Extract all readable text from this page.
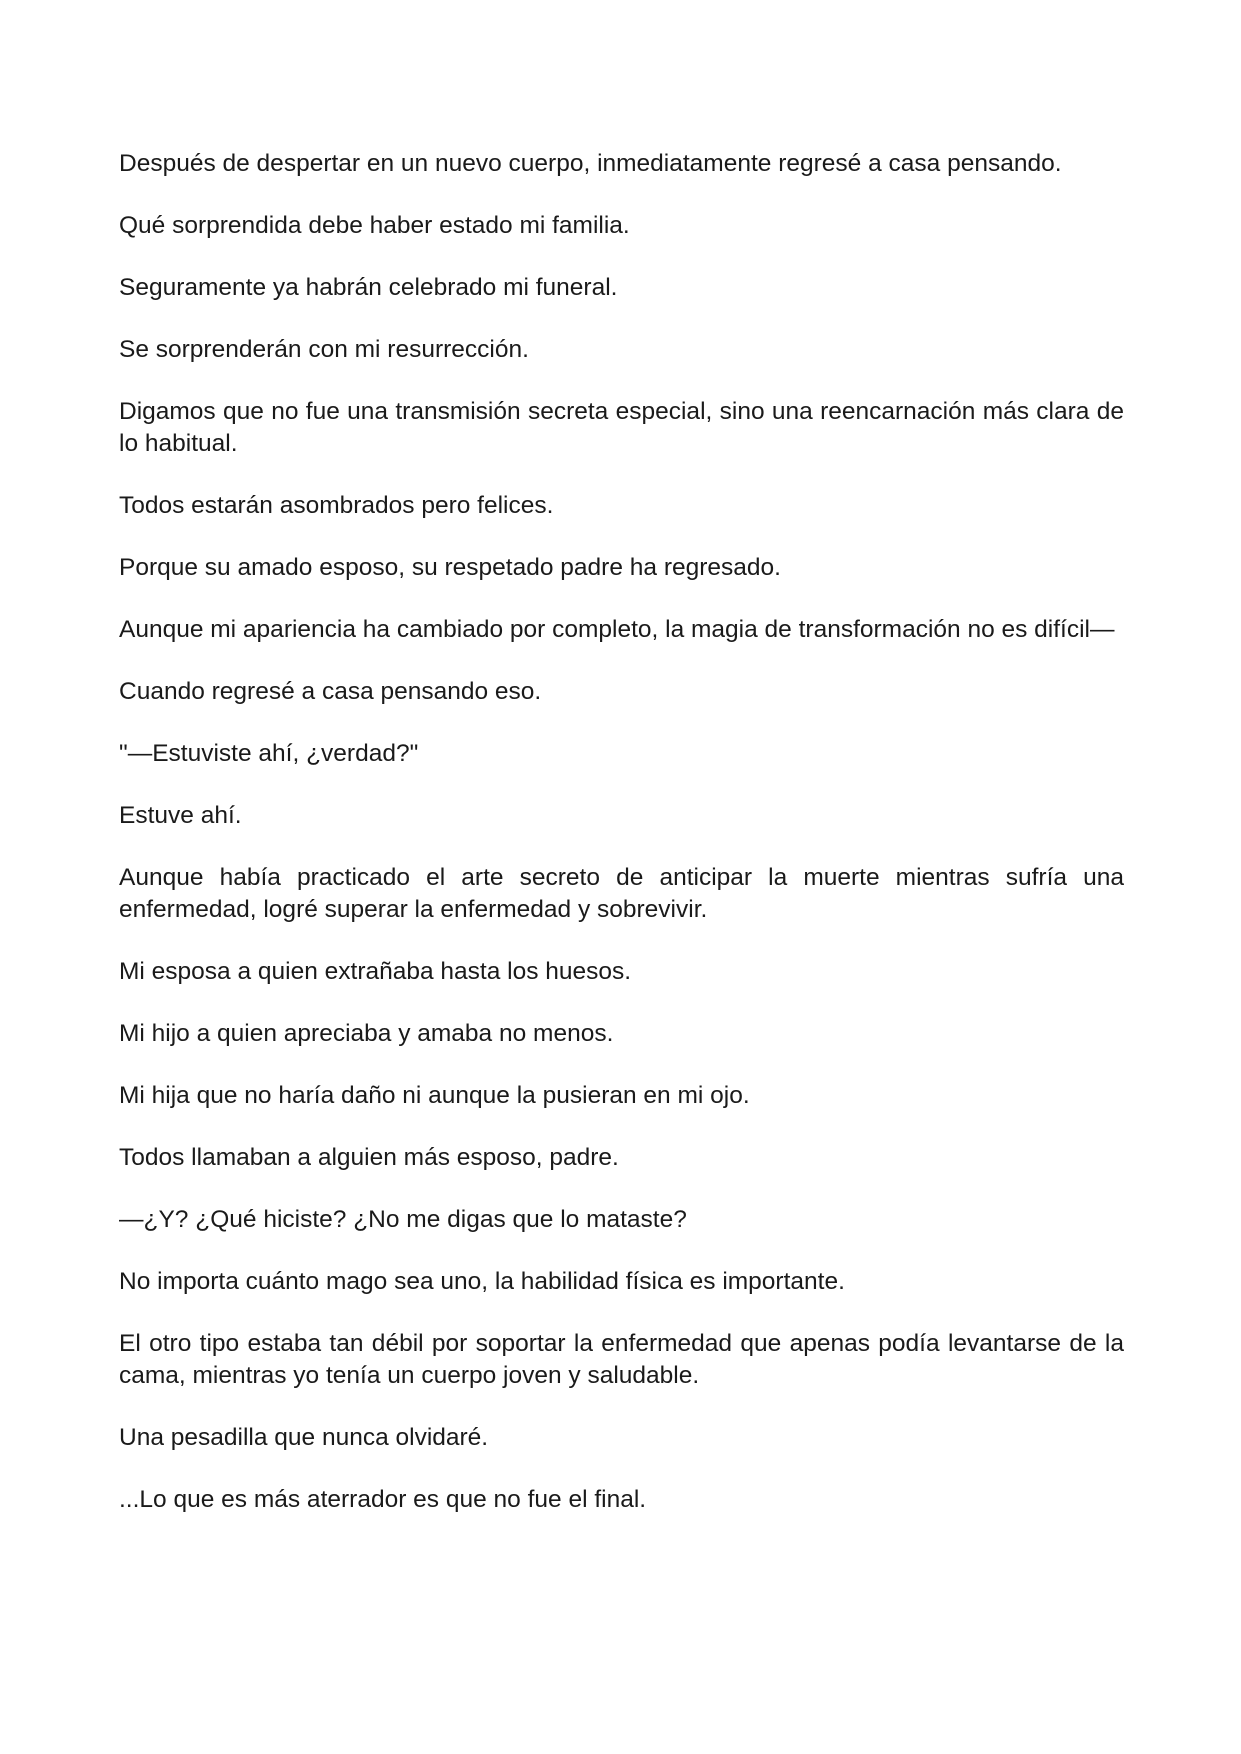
Después de despertar en un nuevo cuerpo, inmediatamente regresé a casa pensando.

Qué sorprendida debe haber estado mi familia.

Seguramente ya habrán celebrado mi funeral.

Se sorprenderán con mi resurrección.

Digamos que no fue una transmisión secreta especial, sino una reencarnación más clara de lo habitual.

Todos estarán asombrados pero felices.

Porque su amado esposo, su respetado padre ha regresado.

Aunque mi apariencia ha cambiado por completo, la magia de transformación no es difícil—

Cuando regresé a casa pensando eso.

"—Estuviste ahí, ¿verdad?"

Estuve ahí.

Aunque había practicado el arte secreto de anticipar la muerte mientras sufría una enfermedad, logré superar la enfermedad y sobrevivir.

Mi esposa a quien extrañaba hasta los huesos.

Mi hijo a quien apreciaba y amaba no menos.

Mi hija que no haría daño ni aunque la pusieran en mi ojo.

Todos llamaban a alguien más esposo, padre.

—¿Y? ¿Qué hiciste? ¿No me digas que lo mataste?

No importa cuánto mago sea uno, la habilidad física es importante.

El otro tipo estaba tan débil por soportar la enfermedad que apenas podía levantarse de la cama, mientras yo tenía un cuerpo joven y saludable.

Una pesadilla que nunca olvidaré.

...Lo que es más aterrador es que no fue el final.
